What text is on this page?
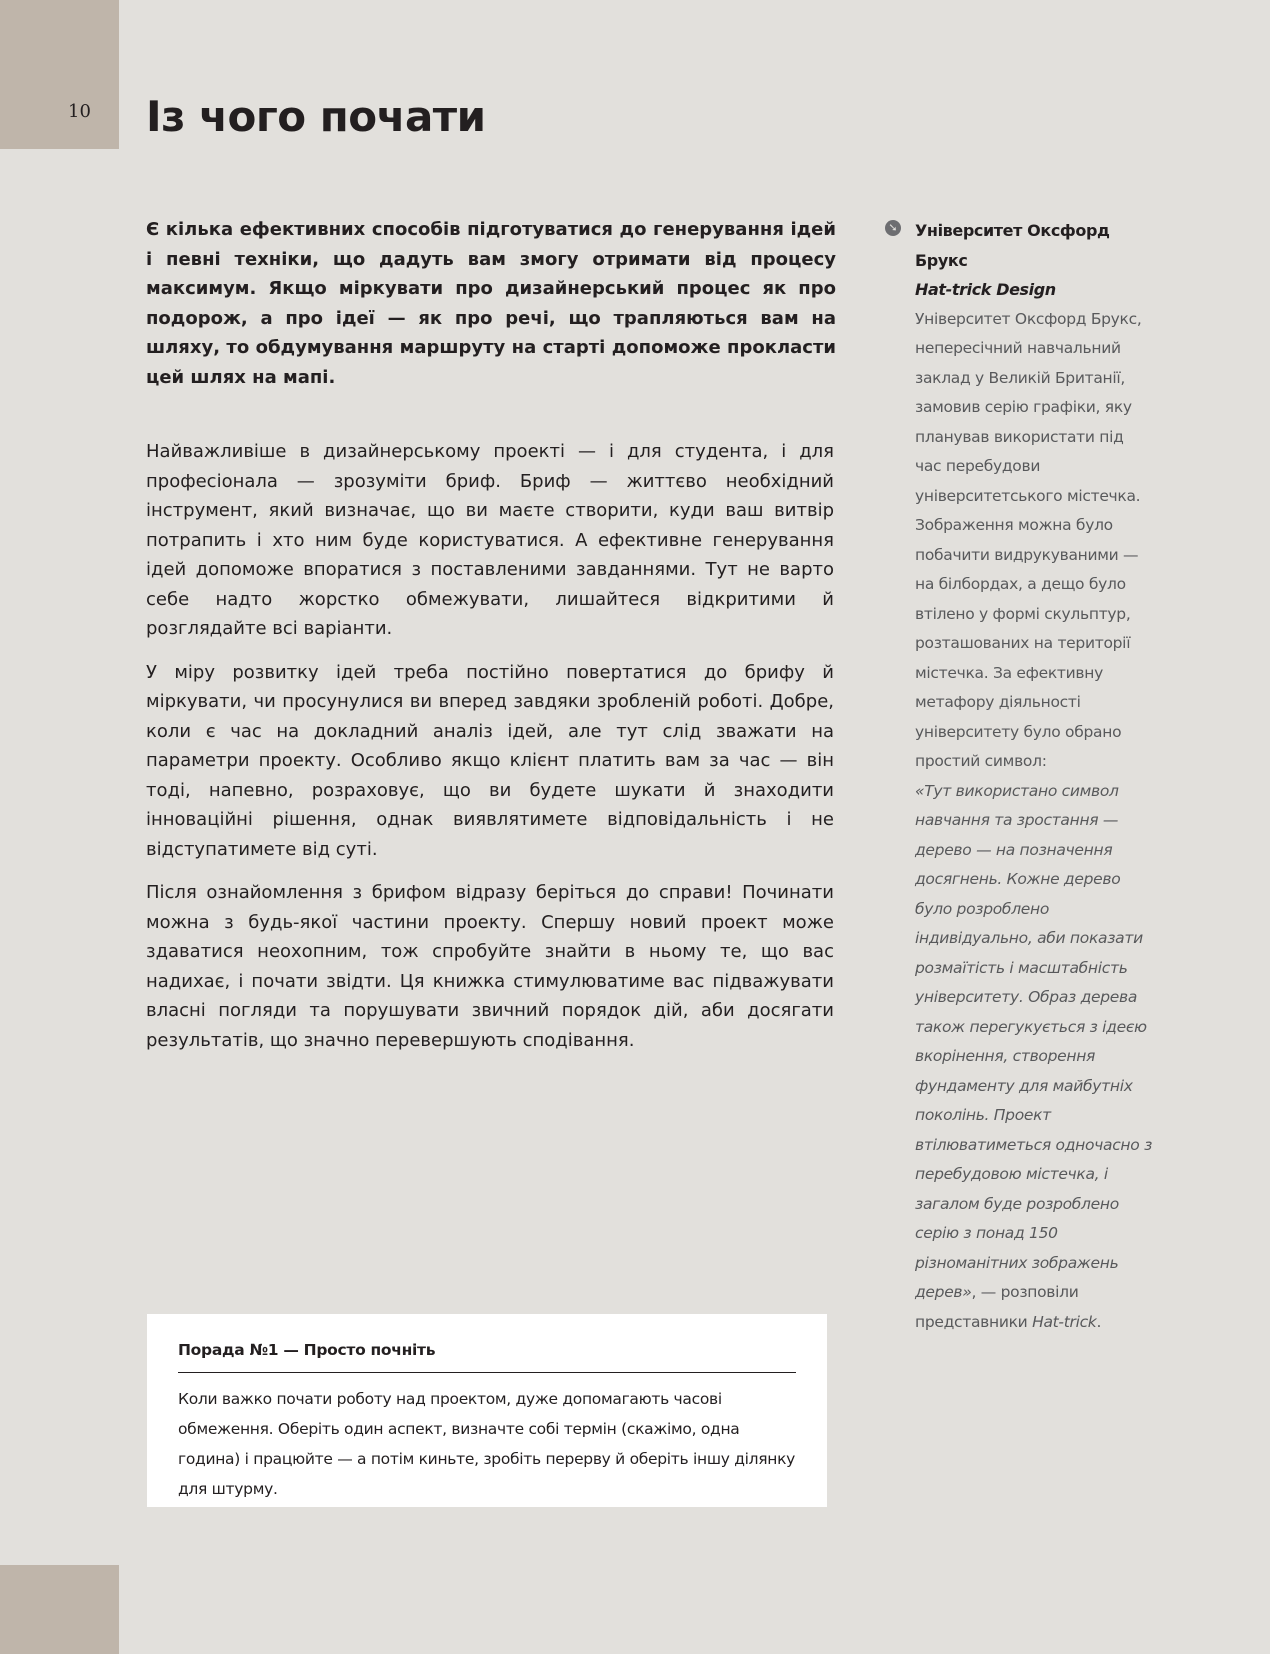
10 Із чого почати

Є кілька ефективних способів підготуватися до генерування ідей і певні техніки, що дадуть вам змогу отримати від процесу максимум. Якщо міркувати про дизайнерський процес як про подорож, а про ідеї — як про речі, що трапляються вам на шляху, то обдумування маршруту на старті допоможе прокласти цей шлях на мапі.

Найважливіше в дизайнерському проекті — і для студента, і для професіонала — зрозуміти бриф. Бриф — життєво необхідний інструмент, який визначає, що ви маєте створити, куди ваш витвір потрапить і хто ним буде користуватися. А ефективне генерування ідей допоможе впоратися з поставленими завданнями. Тут не варто себе надто жорстко обмежувати, лишайтеся відкритими й розглядайте всі варіанти.

У міру розвитку ідей треба постійно повертатися до брифу й міркувати, чи просунулися ви вперед завдяки зробленій роботі. Добре, коли є час на докладний аналіз ідей, але тут слід зважати на параметри проекту. Особливо якщо клієнт платить вам за час — він тоді, напевно, розраховує, що ви будете шукати й знаходити інноваційні рішення, однак виявлятимете відповідальність і не відступатимете від суті.

Після ознайомлення з брифом відразу беріться до справи! Починати можна з будь-якої частини проекту. Спершу новий проект може здаватися неохопним, тож спробуйте знайти в ньому те, що вас надихає, і почати звідти. Ця книжка стимулюватиме вас підважувати власні погляди та порушувати звичний порядок дій, аби досягати результатів, що значно перевершують сподівання.

➘ Університет Оксфорд Брукс
Hat-trick Design
Університет Оксфорд Брукс, непересічний навчальний заклад у Великій Британії, замовив серію графіки, яку планував використати під час перебудови університетського містечка. Зображення можна було побачити видрукуваними — на білбордах, а дещо було втілено у формі скульптур, розташованих на території містечка. За ефективну метафору діяльності університету було обрано простий символ:
«Тут використано символ навчання та зростання — дерево — на позначення досягнень. Кожне дерево було розроблено індивідуально, аби показати розмаїтість і масштабність університету. Образ дерева також перегукується з ідеєю вкорінення, створення фундаменту для майбутніх поколінь. Проект втілюватиметься одночасно з перебудовою містечка, і загалом буде розроблено серію з понад 150 різноманітних зображень дерев», — розповіли представники Hat-trick.
Порада №1 — Просто почніть

Коли важко почати роботу над проектом, дуже допомагають часові обмеження. Оберіть один аспект, визначте собі термін (скажімо, одна година) і працюйте — а потім киньте, зробіть перерву й оберіть іншу ділянку для штурму.
